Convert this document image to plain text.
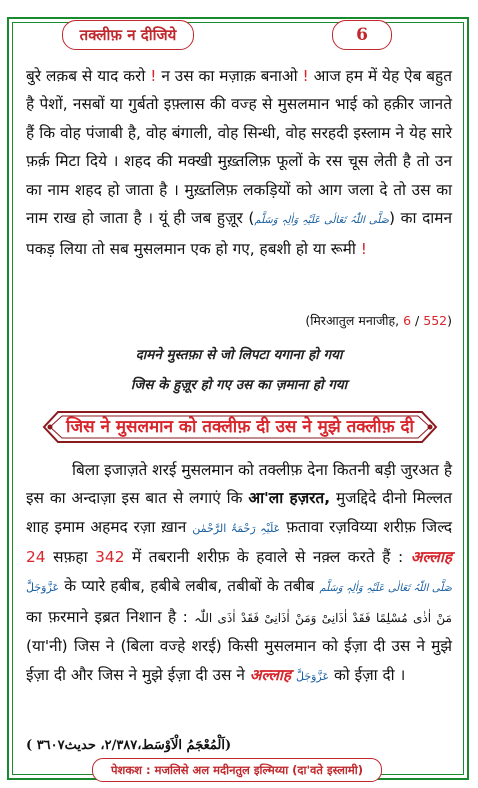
तक्लीफ़ न दीजिये	6
बुरे लक़ब से याद करो ! न उस का मज़ाक़ बनाओ ! आज हम में येह ऐब बहुत है पेशों, नसबों या गुर्बतो इफ़्लास की वज्ह से मुसलमान भाई को हक़ीर जानते हैं कि वोह पंजाबी है, वोह बंगाली, वोह सिन्धी, वोह सरहदी इस्लाम ने येह सारे फ़र्क़ मिटा दिये । शहद की मक्खी मुख़्तलिफ़ फूलों के रस चूस लेती है तो उन का नाम शहद हो जाता है । मुख़्तलिफ़ लकड़ियों को आग जला दे तो उस का नाम राख हो जाता है । यूं ही जब हुज़ूर (صَلَّی اللّٰہُ تَعَالٰی عَلَیْہِ وَاٰلِہٖ وَسَلَّم) का दामन पकड़ लिया तो सब मुसलमान एक हो गए, हबशी हो या रूमी !
(मिरआतुल मनाजीह, 6 / 552)
दामने मुस्तफ़ा से जो लिपटा यगाना हो गया
जिस के हुज़ूर हो गए उस का ज़माना हो गया
जिस ने मुसलमान को तक्लीफ़ दी उस ने मुझे तक्लीफ़ दी
बिला इजाज़ते शरई मुसलमान को तक्लीफ़ देना कितनी बड़ी जुरअत है इस का अन्दाज़ा इस बात से लगाएं कि आ'ला हज़रत, मुजद्दिदे दीनो मिल्लत शाह इमाम अहमद रज़ा ख़ान عَلَیْہِ رَحْمَۃُ الرَّحْمٰن फ़तावा रज़विय्या शरीफ़ जिल्द 24 सफ़हा 342 में तबरानी शरीफ़ के हवाले से नक़्ल करते हैं : अल्लाह عَزَّوَجَلَّ के प्यारे हबीब, हबीबे लबीब, तबीबों के तबीब صَلَّی اللّٰہُ تَعَالٰی عَلَیْہِ وَاٰلِہٖ وَسَلَّم का फ़रमाने इब्रत निशान है : مَنْ اٰذٰی مُسْلِمًا فَقَدْ اٰذَانِیْ وَمَنْ اٰذَانِیْ فَقَدْ اٰذَی اللّٰہ (या'नी) जिस ने (बिला वज्हे शरई) किसी मुसलमान को ईज़ा दी उस ने मुझे ईज़ा दी और जिस ने मुझे ईज़ा दी उस ने अल्लाह عَزَّوَجَلَّ को ईज़ा दी ।
( اَلْمُعْجَمُ الْاَوْسَط،٢/٣٨٧، حديث٣٦٠٧)
पेशकश : मजलिसे अल मदीनतुल इल्मिय्या (दा'वते इस्लामी)
